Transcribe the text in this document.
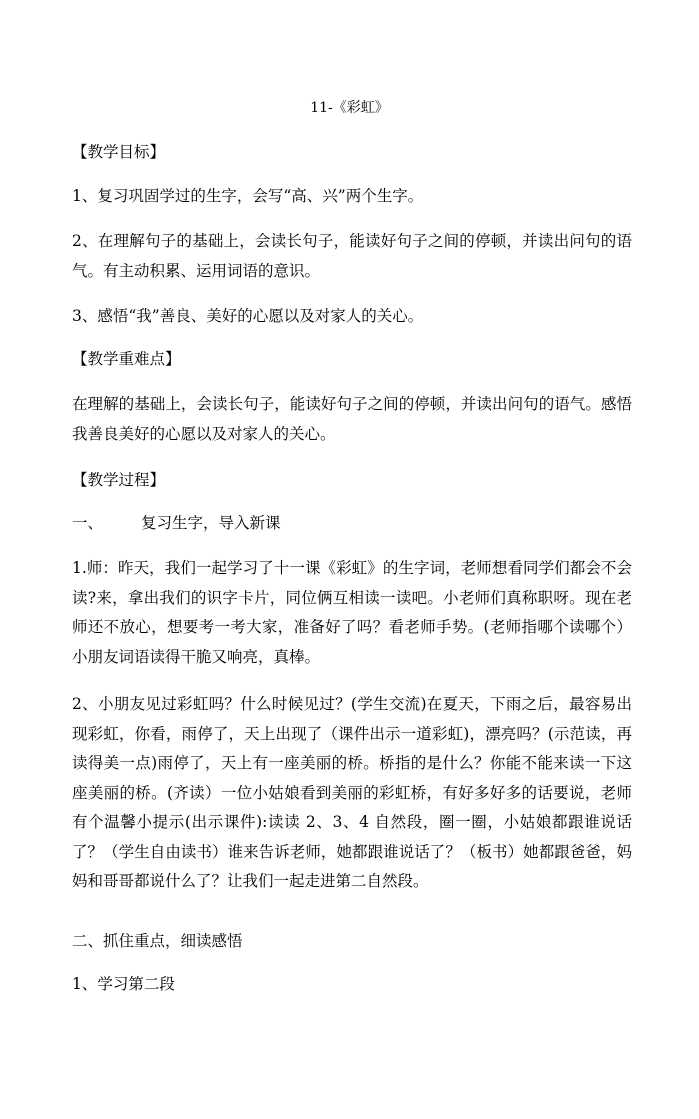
11-《彩虹》

【教学目标】

1、复习巩固学过的生字，会写“高、兴”两个生字。

2、在理解句子的基础上，会读长句子，能读好句子之间的停顿，并读出问句的语气。有主动积累、运用词语的意识。

3、感悟“我”善良、美好的心愿以及对家人的关心。

【教学重难点】

在理解的基础上，会读长句子，能读好句子之间的停顿，并读出问句的语气。感悟我善良美好的心愿以及对家人的关心。

【教学过程】

一、 复习生字，导入新课

1.师：昨天，我们一起学习了十一课《彩虹》的生字词，老师想看同学们都会不会读?来，拿出我们的识字卡片，同位俩互相读一读吧。小老师们真称职呀。现在老师还不放心，想要考一考大家，准备好了吗？看老师手势。(老师指哪个读哪个）小朋友词语读得干脆又响亮，真棒。

2、小朋友见过彩虹吗？什么时候见过？(学生交流)在夏天，下雨之后，最容易出现彩虹，你看，雨停了，天上出现了（课件出示一道彩虹)，漂亮吗？(示范读，再读得美一点)雨停了，天上有一座美丽的桥。桥指的是什么？你能不能来读一下这座美丽的桥。(齐读）一位小姑娘看到美丽的彩虹桥，有好多好多的话要说，老师有个温馨小提示(出示课件):读读 2、3、4 自然段，圈一圈，小姑娘都跟谁说话了？（学生自由读书）谁来告诉老师，她都跟谁说话了？（板书）她都跟爸爸，妈妈和哥哥都说什么了？让我们一起走进第二自然段。

二、抓住重点，细读感悟

1、学习第二段
